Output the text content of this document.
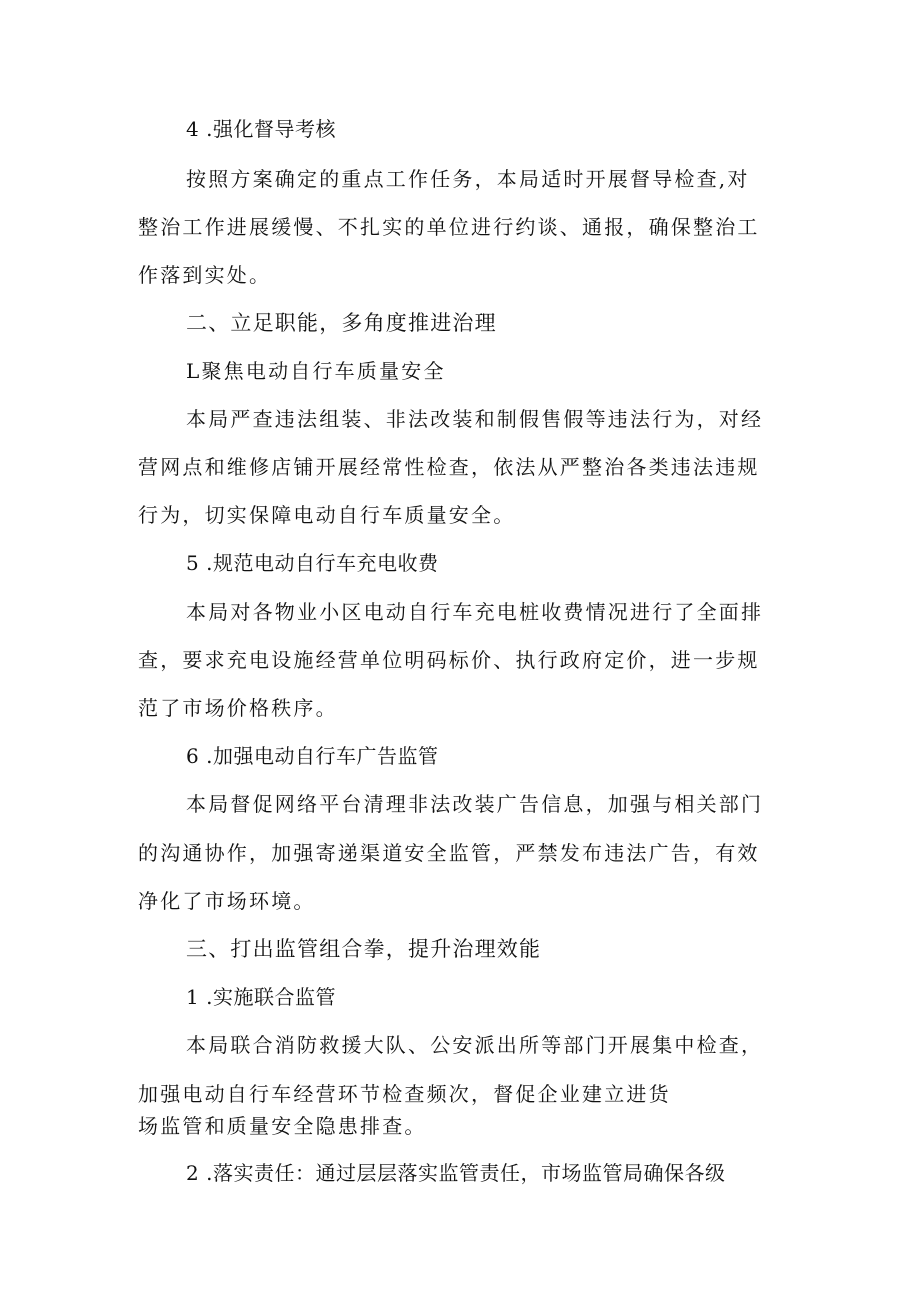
4 .强化督导考核
按照方案确定的重点工作任务，本局适时开展督导检查,对
整治工作进展缓慢、不扎实的单位进行约谈、通报，确保整治工
作落到实处。
二、立足职能，多角度推进治理
L聚焦电动自行车质量安全
本局严查违法组装、非法改装和制假售假等违法行为，对经
营网点和维修店铺开展经常性检查，依法从严整治各类违法违规
行为，切实保障电动自行车质量安全。
5 .规范电动自行车充电收费
本局对各物业小区电动自行车充电桩收费情况进行了全面排
查，要求充电设施经营单位明码标价、执行政府定价，进一步规
范了市场价格秩序。
6 .加强电动自行车广告监管
本局督促网络平台清理非法改装广告信息，加强与相关部门
的沟通协作，加强寄递渠道安全监管，严禁发布违法广告，有效
净化了市场环境。
三、打出监管组合拳，提升治理效能
1 .实施联合监管
本局联合消防救援大队、公安派出所等部门开展集中检查，
加强电动自行车经营环节检查频次，督促企业建立进货
场监管和质量安全隐患排查。
2 .落实责任：通过层层落实监管责任，市场监管局确保各级
